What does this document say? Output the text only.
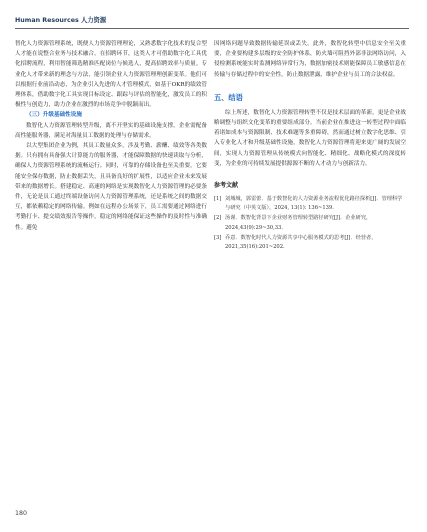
Human Resources 人力资源

智化人力资源管理系统，既便人力资源管理理论，又熟悉数字化技术的复合型人才能在说整合业务与技术融合。在招聘环节，这类人才可借助数字化工具优化招聘流程，利用智能筛选精准匹配岗位与候选人，提高招聘效率与质量。专业化人才带来新的理念与方法，能引领企业人力资源管理理创新变革。他们可以根据行业前沿动态，为企业引入先进的人才管理模式，如基于OKR的绩效管理体系，借助数字化工具实现目标设定、跟踪与评估的智能化，激发员工的积极性与创造力，助力企业在激烈的市场竞争中脱颖而出。

（三）升级基础性设施

数智化人力资源管理转型升级，离不开坚实的基础设施支撑，企业需配备高性能服务器，满足对海量员工数据的处理与存储需求。

以大型集团企业为例，其员工数量众多，涉及考勤、薪酬、绩效等各类数据。只有拥有具备强大计算能力的服务器，才能保障数据的快速读取与分析，确保人力资源管理系统的流畅运行。同时，可靠的存储设备也至关重要，它要能安全保存数据，防止数据丢失，且具备良好的扩展性，以适应企业未来发展带来的数据增长。搭建稳定、高速的网络是实现数智化人力资源管理的必要条件，无论是员工通过终端设备访问人力资源管理系统，还是系统之间的数据交互，都依赖稳定的网络传输。例如在远程办公场景下，员工需要通过网络进行考勤打卡、提交绩效报告等操作，稳定的网络能保证这些操作的及时性与准确性。避免

因网络问题导致数据传输延误或丢失。此外，数智化转型中信息安全至关重要，企业要构建多层级的安全防护体系，防火墙可阻挡外部非法网络访问，入侵检测系统能实时监测网络异常行为，数据加密技术则能保障员工敏感信息在传输与存储过程中的安全性，防止数据泄露，维护企业与员工的合法权益。

五、结语

综上所述，数智化人力资源管理转型不仅是技术层面的革新，更是企业战略调整与组织文化变革的重要组成部分。当前企业在推进这一转型过程中面临着诸如成本与资源限制、技术难题等多重障碍，然而通过树立数字化思维、引入专业化人才和升级基础性设施，数智化人力资源管理将迎来更广阔的发展空间，实现人力资源管理从传统模式向智能化、精细化、战略化模式的深度转变，为企业的可持续发展提供源源不断的人才动力与创新活力。

参考文献
[1] 刘城城，郭雷蕾．基于数智化的人力资源业务流程优化路径探析[J]．管理科学与研究（中英文版），2024, 13(1): 136~139.
[2] 汤谨．数智化背景下企业财务管理转型路径研究[J]．企业研究，2024,43(9):29~30,33.
[3] 乔意．数智化时代人力资源共享中心服务模式的思考[J]．经营者，2021,35(16):201~202.
180
